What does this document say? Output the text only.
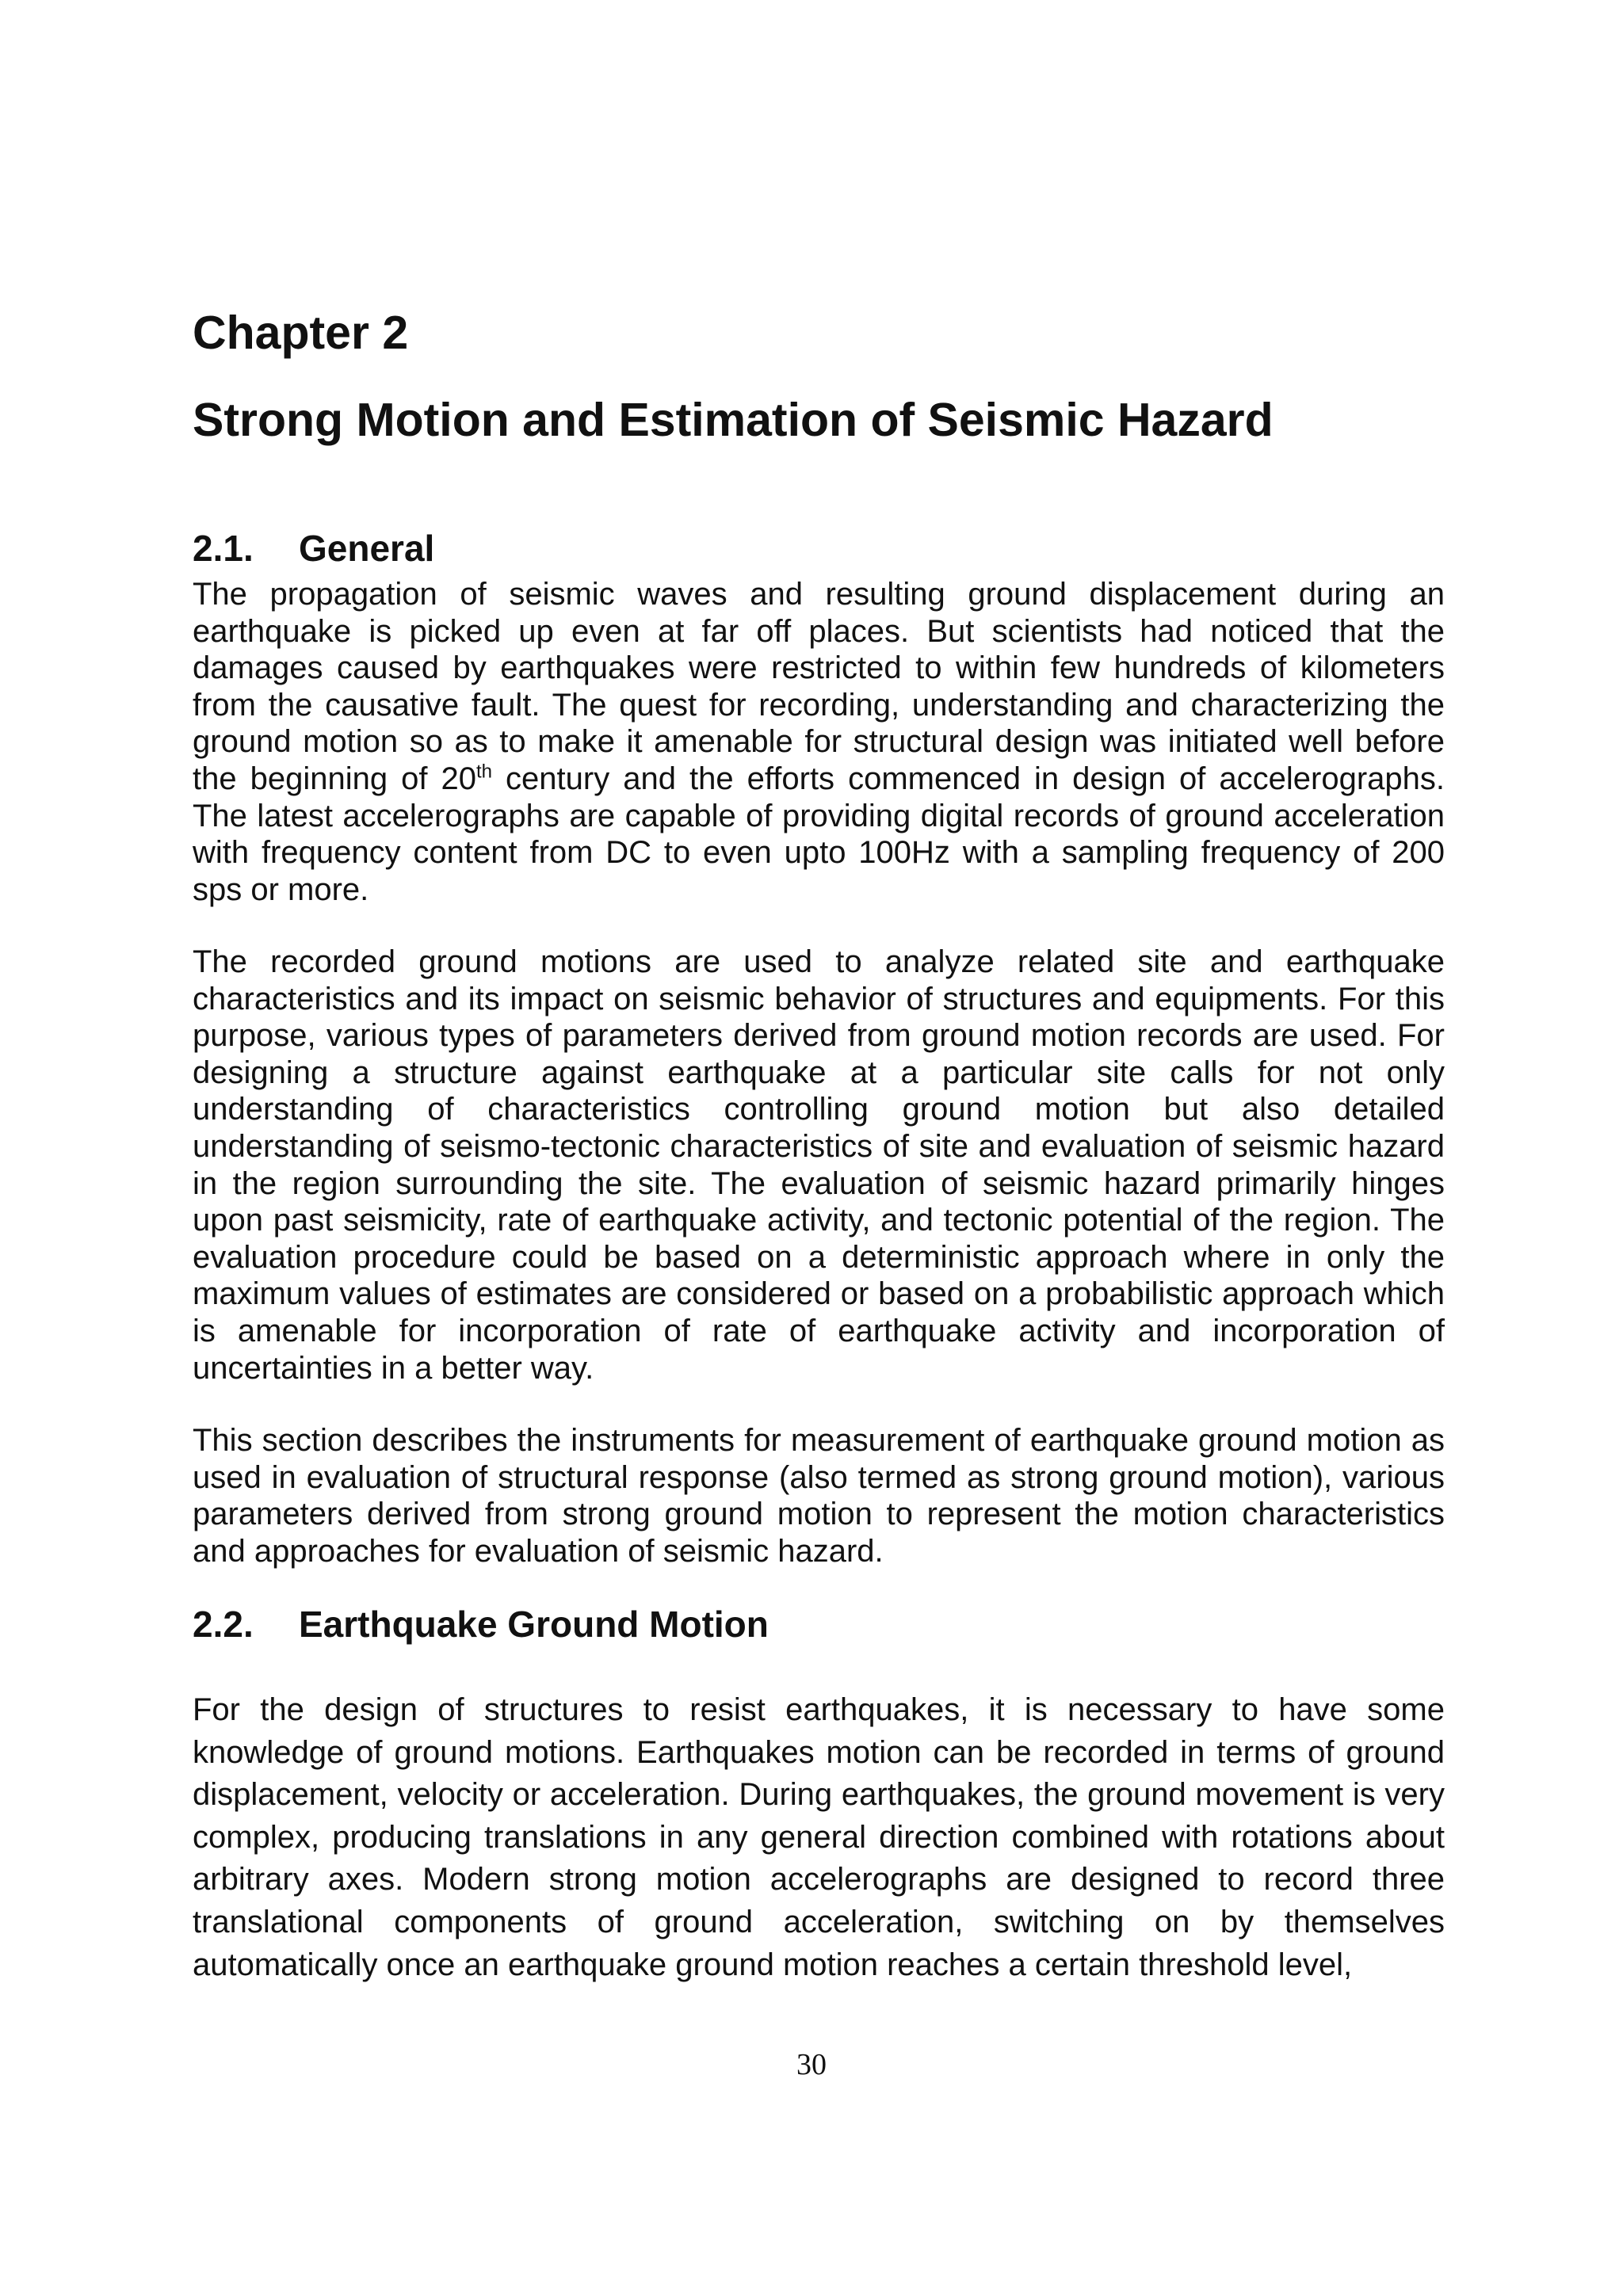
Chapter 2
Strong Motion and Estimation of Seismic Hazard
2.1. General

The propagation of seismic waves and resulting ground displacement during an earthquake is picked up even at far off places. But scientists had noticed that the damages caused by earthquakes were restricted to within few hundreds of kilometers from the causative fault. The quest for recording, understanding and characterizing the ground motion so as to make it amenable for structural design was initiated well before the beginning of 20th century and the efforts commenced in design of accelerographs. The latest accelerographs are capable of providing digital records of ground acceleration with frequency content from DC to even upto 100Hz with a sampling frequency of 200 sps or more.

The recorded ground motions are used to analyze related site and earthquake characteristics and its impact on seismic behavior of structures and equipments. For this purpose, various types of parameters derived from ground motion records are used. For designing a structure against earthquake at a particular site calls for not only understanding of characteristics controlling ground motion but also detailed understanding of seismo-tectonic characteristics of site and evaluation of seismic hazard in the region surrounding the site. The evaluation of seismic hazard primarily hinges upon past seismicity, rate of earthquake activity, and tectonic potential of the region. The evaluation procedure could be based on a deterministic approach where in only the maximum values of estimates are considered or based on a probabilistic approach which is amenable for incorporation of rate of earthquake activity and incorporation of uncertainties in a better way.

This section describes the instruments for measurement of earthquake ground motion as used in evaluation of structural response (also termed as strong ground motion), various parameters derived from strong ground motion to represent the motion characteristics and approaches for evaluation of seismic hazard.

2.2. Earthquake Ground Motion

For the design of structures to resist earthquakes, it is necessary to have some knowledge of ground motions. Earthquakes motion can be recorded in terms of ground displacement, velocity or acceleration. During earthquakes, the ground movement is very complex, producing translations in any general direction combined with rotations about arbitrary axes. Modern strong motion accelerographs are designed to record three translational components of ground acceleration, switching on by themselves automatically once an earthquake ground motion reaches a certain threshold level,

30
